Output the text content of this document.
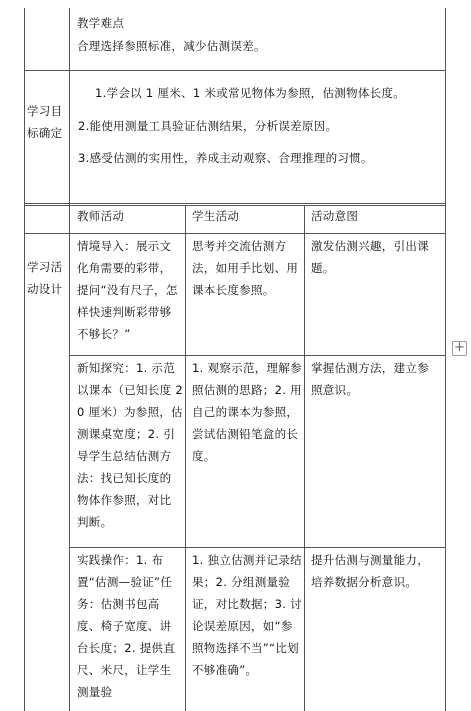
教学难点
合理选择参照标准，减少估测误差。
学习目标确定
1.学会以 1 厘米、1 米或常见物体为参照，估测物体长度。
2.能使用测量工具验证估测结果，分析误差原因。
3.感受估测的实用性，养成主动观察、合理推理的习惯。
教师活动	学生活动	活动意图
学习活动设计
情境导入：展示文化角需要的彩带，提问“没有尺子，怎样快速判断彩带够不够长？”
思考并交流估测方法，如用手比划、用课本长度参照。
激发估测兴趣，引出课题。
新知探究：1. 示范以课本（已知长度 20 厘米）为参照，估测课桌宽度；2. 引导学生总结估测方法：找已知长度的物体作参照，对比判断。
1. 观察示范，理解参照估测的思路；2. 用自己的课本为参照，尝试估测铅笔盒的长度。
掌握估测方法，建立参照意识。
实践操作：1. 布置“估测—验证”任务：估测书包高度、椅子宽度、讲台长度；2. 提供直尺、米尺，让学生测量验
1. 独立估测并记录结果；2. 分组测量验证，对比数据；3. 讨论误差原因，如“参照物选择不当”“比划不够准确”。
提升估测与测量能力，培养数据分析意识。
+
